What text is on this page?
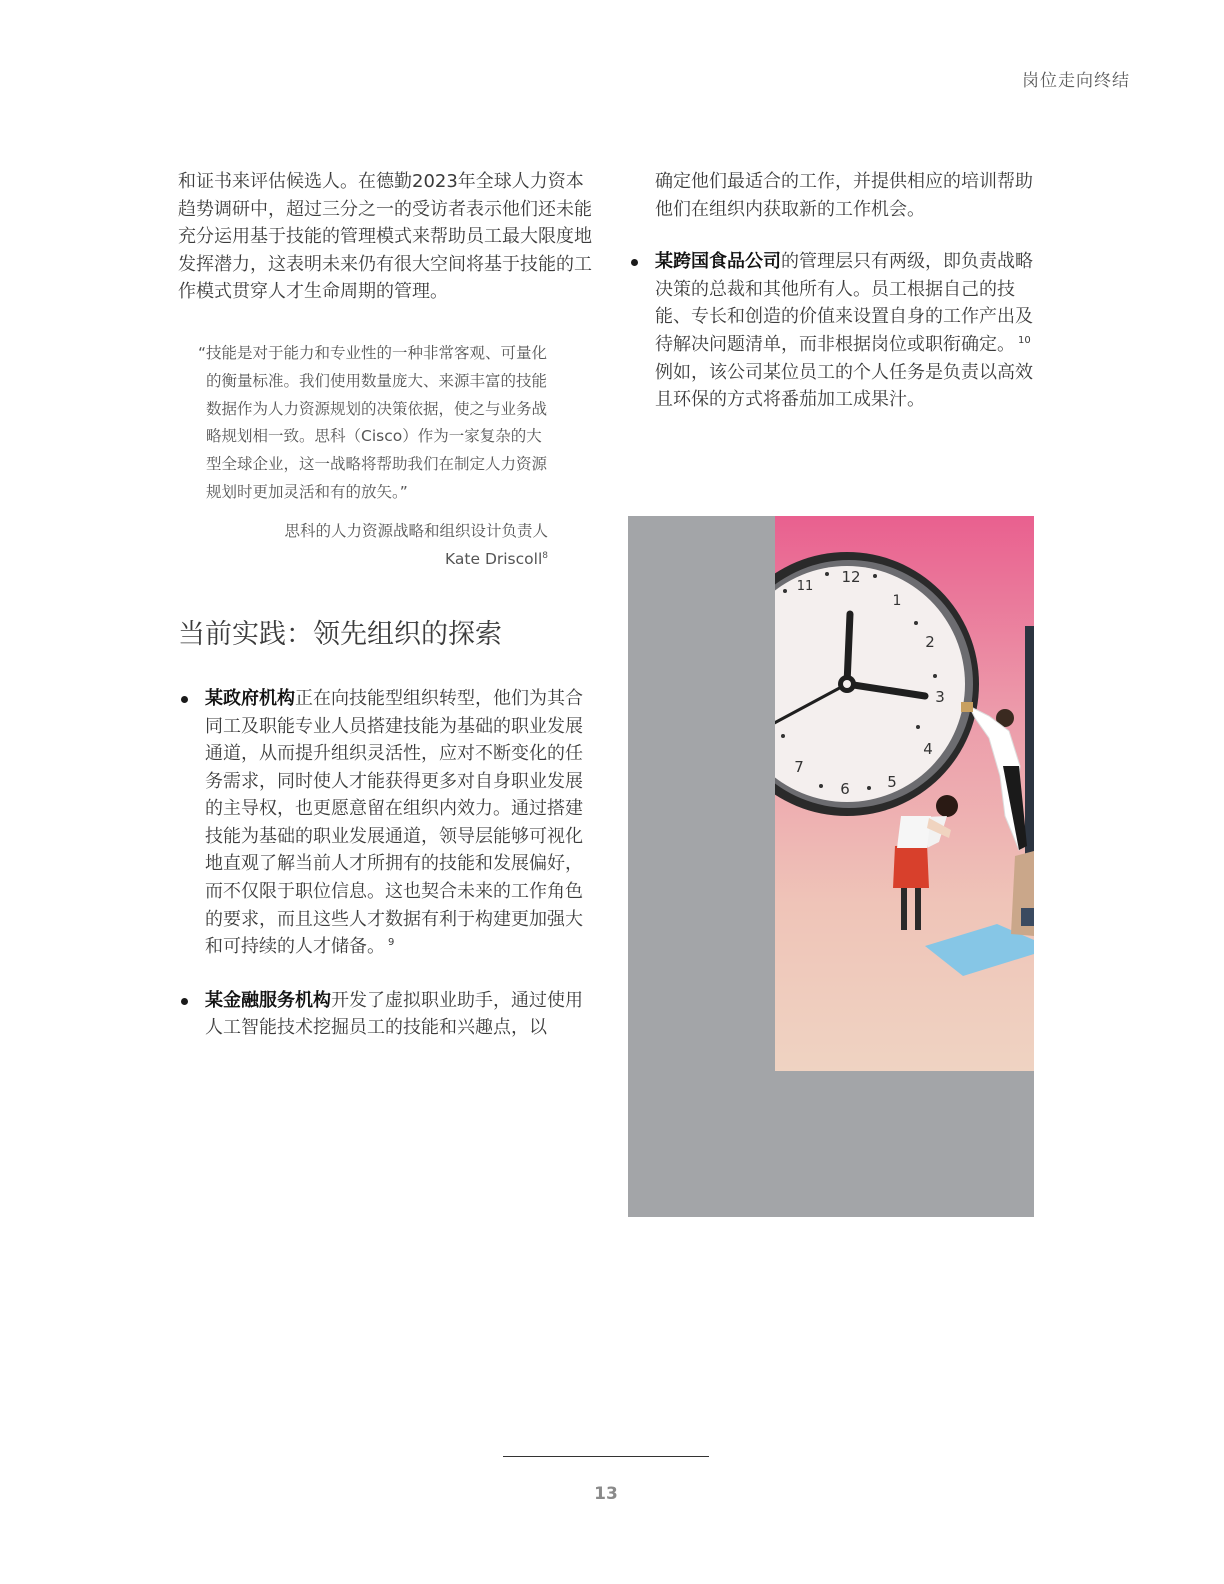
岗位走向终结

和证书来评估候选人。在德勤2023年全球人力资本趋势调研中，超过三分之一的受访者表示他们还未能充分运用基于技能的管理模式来帮助员工最大限度地发挥潜力，这表明未来仍有很大空间将基于技能的工作模式贯穿人才生命周期的管理。

“技能是对于能力和专业性的一种非常客观、可量化的衡量标准。我们使用数量庞大、来源丰富的技能数据作为人力资源规划的决策依据，使之与业务战略规划相一致。思科（Cisco）作为一家复杂的大型全球企业，这一战略将帮助我们在制定人力资源规划时更加灵活和有的放矢。”

思科的人力资源战略和组织设计负责人
Kate Driscoll$^8$
当前实践：领先组织的探索
某政府机构正在向技能型组织转型，他们为其合同工及职能专业人员搭建技能为基础的职业发展通道，从而提升组织灵活性，应对不断变化的任务需求，同时使人才能获得更多对自身职业发展的主导权，也更愿意留在组织内效力。通过搭建技能为基础的职业发展通道，领导层能够可视化地直观了解当前人才所拥有的技能和发展偏好，而不仅限于职位信息。这也契合未来的工作角色的要求，而且这些人才数据有利于构建更加强大和可持续的人才储备。 $^9$
某金融服务机构开发了虚拟职业助手，通过使用人工智能技术挖掘员工的技能和兴趣点，以

确定他们最适合的工作，并提供相应的培训帮助他们在组织内获取新的工作机会。

某跨国食品公司的管理层只有两级，即负责战略决策的总裁和其他所有人。员工根据自己的技能、专长和创造的价值来设置自身的工作产出及待解决问题清单，而非根据岗位或职衔确定。 $^{10}$例如，该公司某位员工的个人任务是负责以高效且环保的方式将番茄加工成果汁。
12
1
2
3
4
5
6
7
11
13
